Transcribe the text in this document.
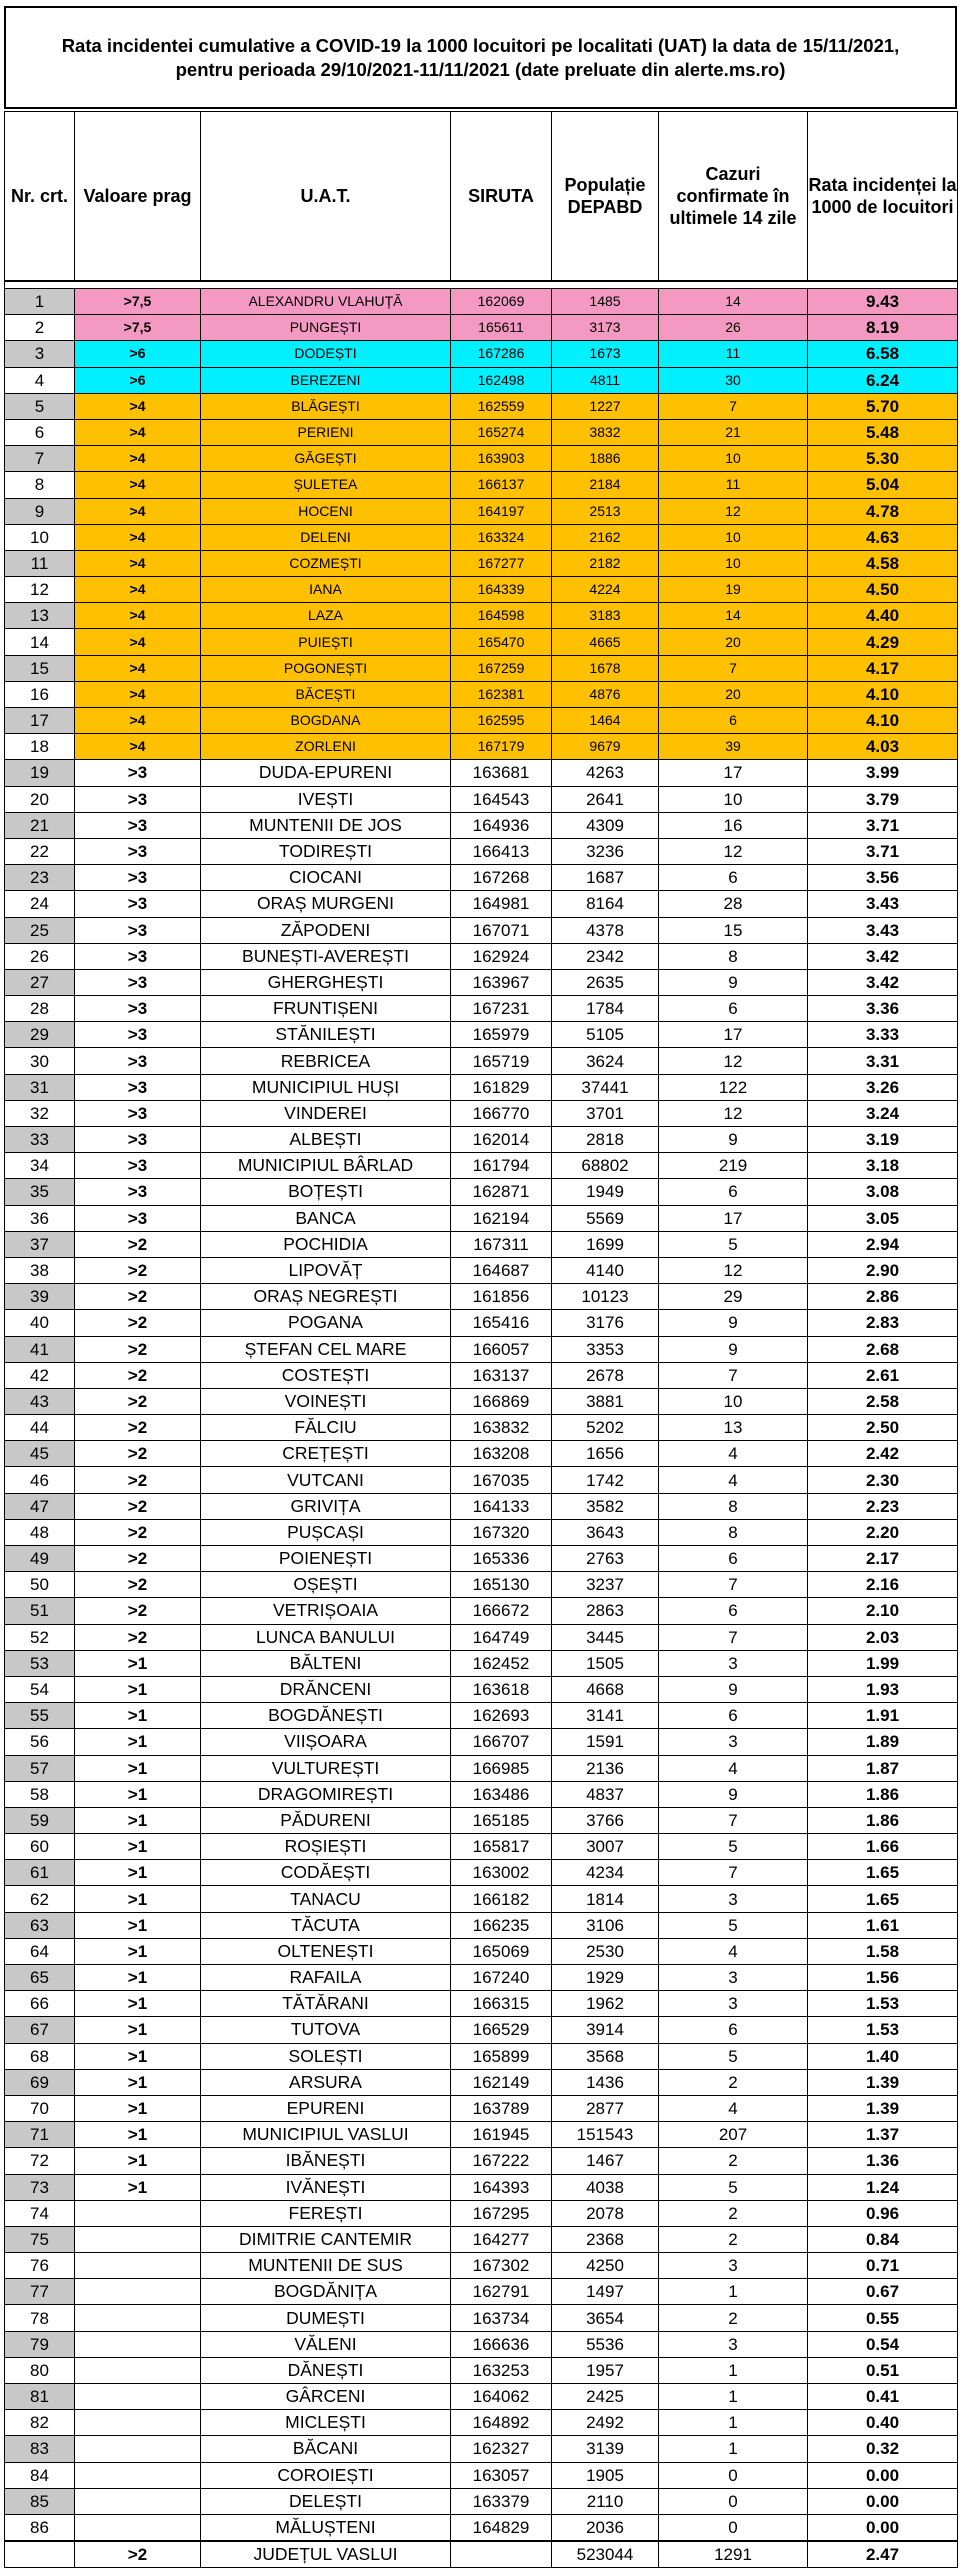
Rata incidentei cumulative a COVID-19 la 1000 locuitori pe localitati (UAT) la data de 15/11/2021,
pentru perioada 29/10/2021-11/11/2021 (date preluate din alerte.ms.ro)
Nr. crt.	Valoare prag	U.A.T.	SIRUTA	Populație DEPABD	Cazuri confirmate în ultimele 14 zile	Rata incidenței la 1000 de locuitori

1	>7,5	ALEXANDRU VLAHUȚĂ	162069	1485	14	9.43
2	>7,5	PUNGEȘTI	165611	3173	26	8.19
3	>6	DODEȘTI	167286	1673	11	6.58
4	>6	BEREZENI	162498	4811	30	6.24
5	>4	BLĂGEȘTI	162559	1227	7	5.70
6	>4	PERIENI	165274	3832	21	5.48
7	>4	GĂGEȘTI	163903	1886	10	5.30
8	>4	ȘULETEA	166137	2184	11	5.04
9	>4	HOCENI	164197	2513	12	4.78
10	>4	DELENI	163324	2162	10	4.63
11	>4	COZMEȘTI	167277	2182	10	4.58
12	>4	IANA	164339	4224	19	4.50
13	>4	LAZA	164598	3183	14	4.40
14	>4	PUIEȘTI	165470	4665	20	4.29
15	>4	POGONEȘTI	167259	1678	7	4.17
16	>4	BĂCEȘTI	162381	4876	20	4.10
17	>4	BOGDANA	162595	1464	6	4.10
18	>4	ZORLENI	167179	9679	39	4.03
19	>3	DUDA-EPURENI	163681	4263	17	3.99
20	>3	IVEȘTI	164543	2641	10	3.79
21	>3	MUNTENII DE JOS	164936	4309	16	3.71
22	>3	TODIREȘTI	166413	3236	12	3.71
23	>3	CIOCANI	167268	1687	6	3.56
24	>3	ORAȘ MURGENI	164981	8164	28	3.43
25	>3	ZĂPODENI	167071	4378	15	3.43
26	>3	BUNEȘTI-AVEREȘTI	162924	2342	8	3.42
27	>3	GHERGHEȘTI	163967	2635	9	3.42
28	>3	FRUNTIȘENI	167231	1784	6	3.36
29	>3	STĂNILEȘTI	165979	5105	17	3.33
30	>3	REBRICEA	165719	3624	12	3.31
31	>3	MUNICIPIUL HUȘI	161829	37441	122	3.26
32	>3	VINDEREI	166770	3701	12	3.24
33	>3	ALBEȘTI	162014	2818	9	3.19
34	>3	MUNICIPIUL BÂRLAD	161794	68802	219	3.18
35	>3	BOȚEȘTI	162871	1949	6	3.08
36	>3	BANCA	162194	5569	17	3.05
37	>2	POCHIDIA	167311	1699	5	2.94
38	>2	LIPOVĂȚ	164687	4140	12	2.90
39	>2	ORAȘ NEGREȘTI	161856	10123	29	2.86
40	>2	POGANA	165416	3176	9	2.83
41	>2	ȘTEFAN CEL MARE	166057	3353	9	2.68
42	>2	COSTEȘTI	163137	2678	7	2.61
43	>2	VOINEȘTI	166869	3881	10	2.58
44	>2	FĂLCIU	163832	5202	13	2.50
45	>2	CREȚEȘTI	163208	1656	4	2.42
46	>2	VUTCANI	167035	1742	4	2.30
47	>2	GRIVIȚA	164133	3582	8	2.23
48	>2	PUȘCAȘI	167320	3643	8	2.20
49	>2	POIENEȘTI	165336	2763	6	2.17
50	>2	OȘEȘTI	165130	3237	7	2.16
51	>2	VETRIȘOAIA	166672	2863	6	2.10
52	>2	LUNCA BANULUI	164749	3445	7	2.03
53	>1	BĂLTENI	162452	1505	3	1.99
54	>1	DRĂNCENI	163618	4668	9	1.93
55	>1	BOGDĂNEȘTI	162693	3141	6	1.91
56	>1	VIIȘOARA	166707	1591	3	1.89
57	>1	VULTUREȘTI	166985	2136	4	1.87
58	>1	DRAGOMIREȘTI	163486	4837	9	1.86
59	>1	PĂDURENI	165185	3766	7	1.86
60	>1	ROȘIEȘTI	165817	3007	5	1.66
61	>1	CODĂEȘTI	163002	4234	7	1.65
62	>1	TANACU	166182	1814	3	1.65
63	>1	TĂCUTA	166235	3106	5	1.61
64	>1	OLTENEȘTI	165069	2530	4	1.58
65	>1	RAFAILA	167240	1929	3	1.56
66	>1	TĂTĂRANI	166315	1962	3	1.53
67	>1	TUTOVA	166529	3914	6	1.53
68	>1	SOLEȘTI	165899	3568	5	1.40
69	>1	ARSURA	162149	1436	2	1.39
70	>1	EPURENI	163789	2877	4	1.39
71	>1	MUNICIPIUL VASLUI	161945	151543	207	1.37
72	>1	IBĂNEȘTI	167222	1467	2	1.36
73	>1	IVĂNEȘTI	164393	4038	5	1.24
74		FEREȘTI	167295	2078	2	0.96
75		DIMITRIE CANTEMIR	164277	2368	2	0.84
76		MUNTENII DE SUS	167302	4250	3	0.71
77		BOGDĂNIȚA	162791	1497	1	0.67
78		DUMEȘTI	163734	3654	2	0.55
79		VĂLENI	166636	5536	3	0.54
80		DĂNEȘTI	163253	1957	1	0.51
81		GÂRCENI	164062	2425	1	0.41
82		MICLEȘTI	164892	2492	1	0.40
83		BĂCANI	162327	3139	1	0.32
84		COROIEȘTI	163057	1905	0	0.00
85		DELEȘTI	163379	2110	0	0.00
86		MĂLUȘTENI	164829	2036	0	0.00
	>2	JUDEȚUL VASLUI		523044	1291	2.47
